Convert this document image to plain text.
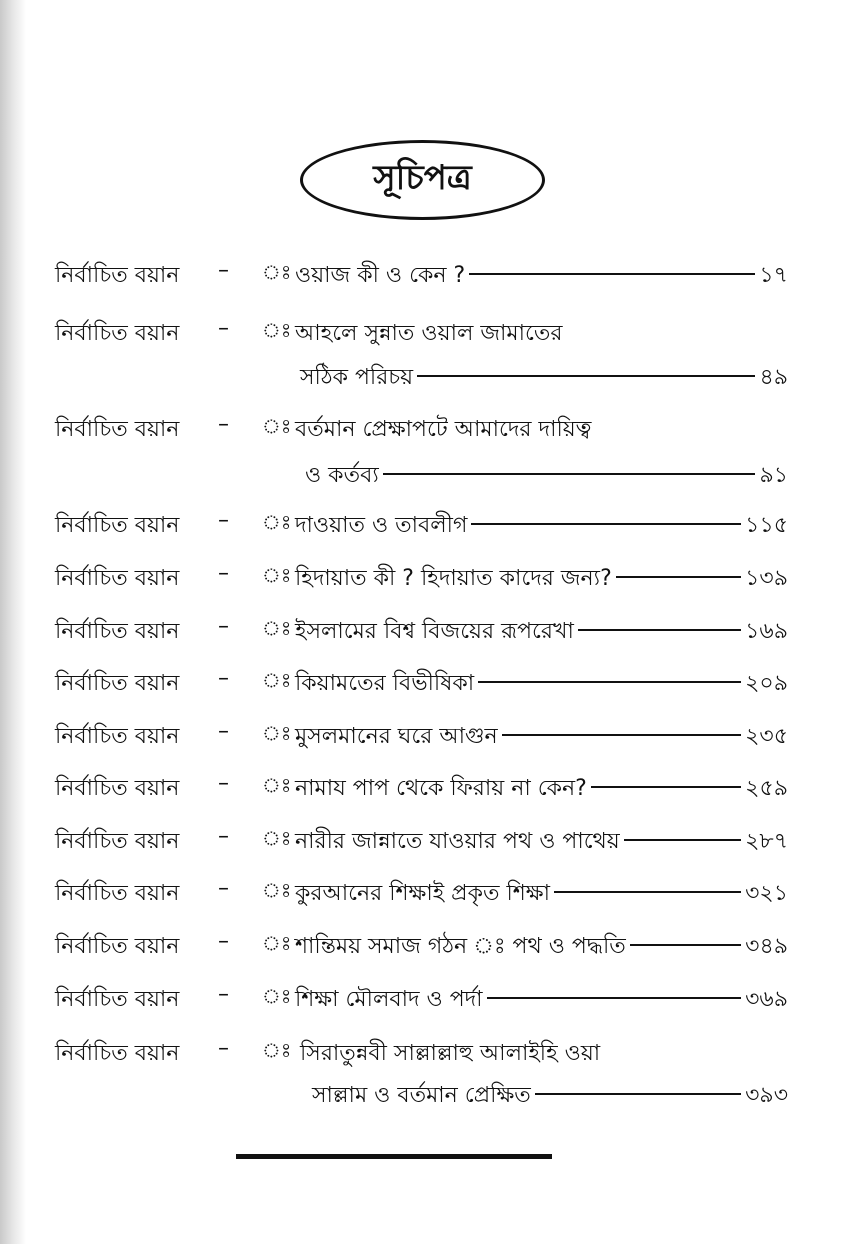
সূচিপত্র
নির্বাচিত বয়ান – ঃ ওয়াজ কী ও কেন ?	১৭
নির্বাচিত বয়ান – ঃ আহলে সুন্নাত ওয়াল জামাতের
সঠিক পরিচয়	৪৯
নির্বাচিত বয়ান – ঃ বর্তমান প্রেক্ষাপটে আমাদের দায়িত্ব
ও কর্তব্য	৯১
নির্বাচিত বয়ান – ঃ দাওয়াত ও তাবলীগ	১১৫
নির্বাচিত বয়ান – ঃ হিদায়াত কী ? হিদায়াত কাদের জন্য?	১৩৯
নির্বাচিত বয়ান – ঃ ইসলামের বিশ্ব বিজয়ের রূপরেখা	১৬৯
নির্বাচিত বয়ান – ঃ কিয়ামতের বিভীষিকা	২০৯
নির্বাচিত বয়ান – ঃ মুসলমানের ঘরে আগুন	২৩৫
নির্বাচিত বয়ান – ঃ নামায পাপ থেকে ফিরায় না কেন?	২৫৯
নির্বাচিত বয়ান – ঃ নারীর জান্নাতে যাওয়ার পথ ও পাথেয়	২৮৭
নির্বাচিত বয়ান – ঃ কুরআনের শিক্ষাই প্রকৃত শিক্ষা	৩২১
নির্বাচিত বয়ান – ঃ শান্তিময় সমাজ গঠন ঃ পথ ও পদ্ধতি	৩৪৯
নির্বাচিত বয়ান – ঃ শিক্ষা মৌলবাদ ও পর্দা	৩৬৯
নির্বাচিত বয়ান – ঃ সিরাতুন্নবী সাল্লাল্লাহু আলাইহি ওয়া
সাল্লাম ও বর্তমান প্রেক্ষিত	৩৯৩
